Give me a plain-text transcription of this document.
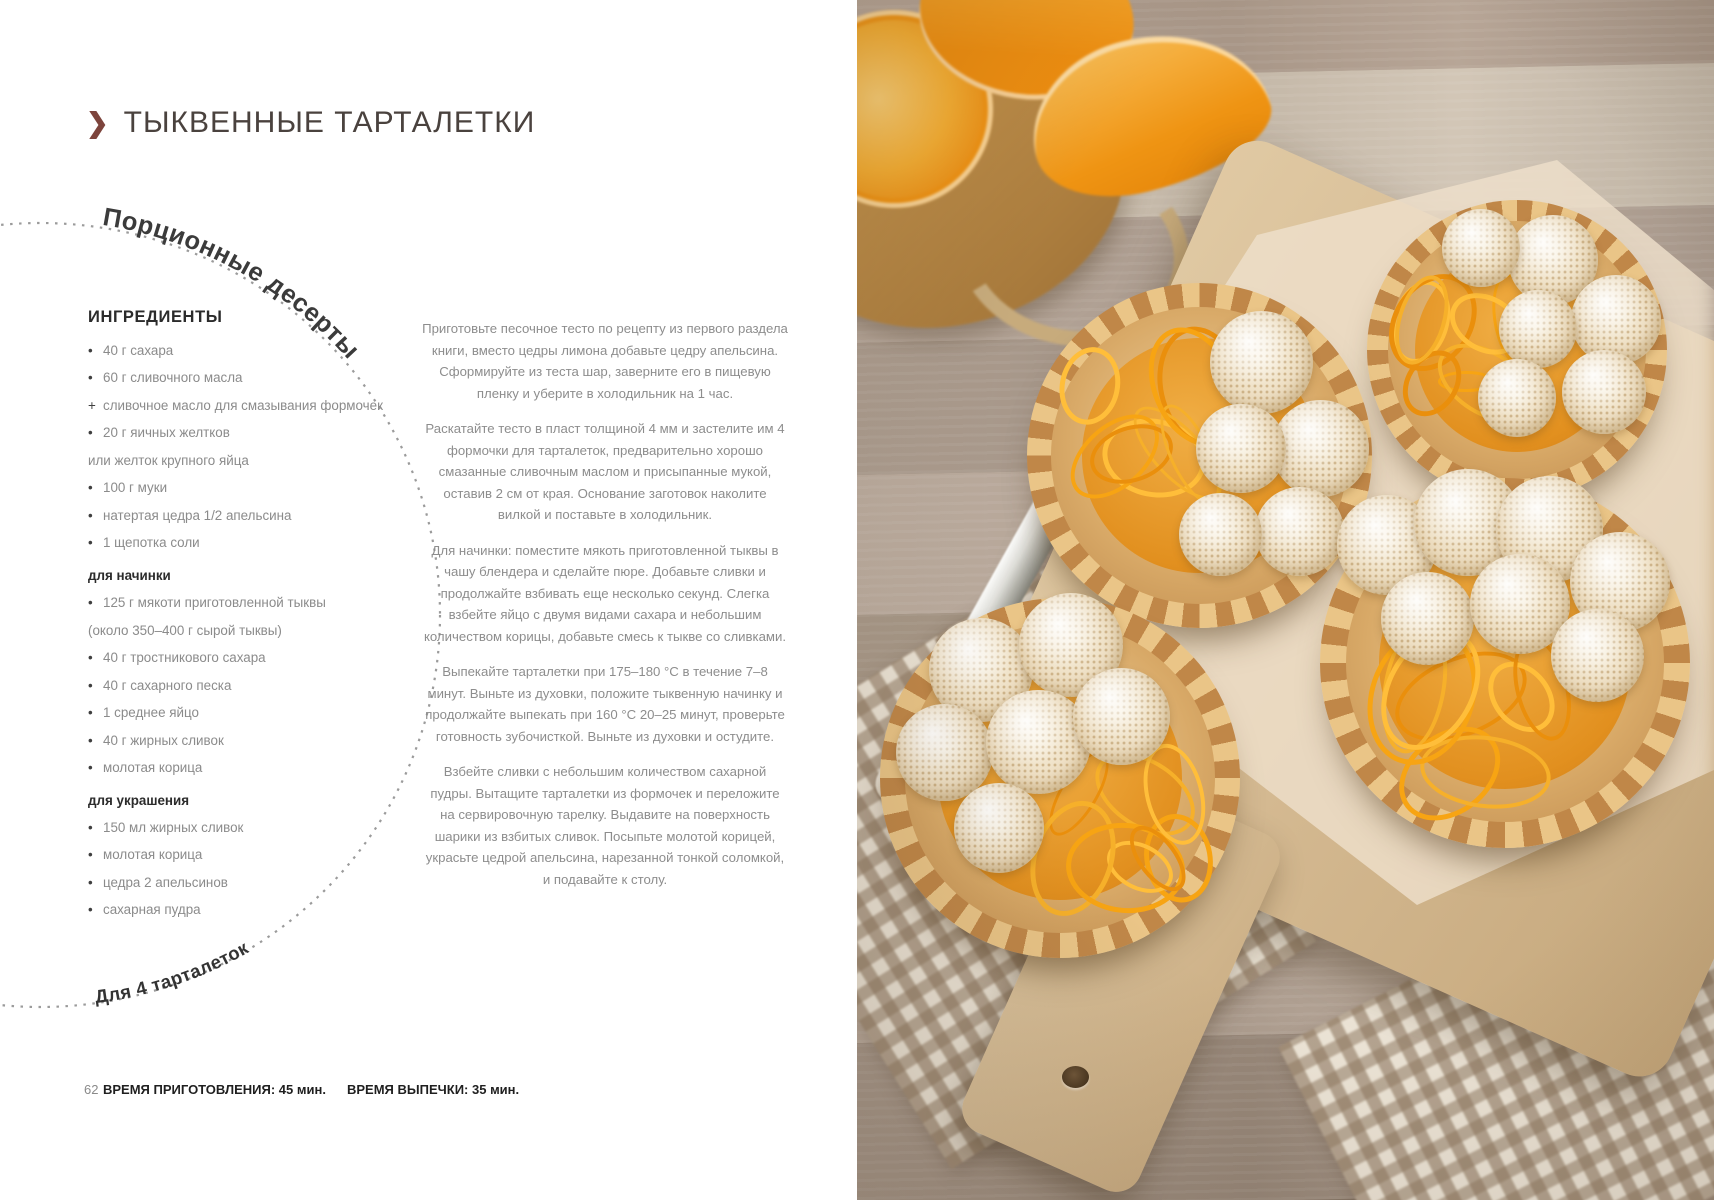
❯ ТЫКВЕННЫЕ ТАРТАЛЕТКИ
Порционные десерты
Для 4 тарталеток
ИНГРЕДИЕНТЫ
• 40 г сахара
• 60 г сливочного масла
+ сливочное масло для смазывания формочек
• 20 г яичных желтков
или желток крупного яйца
• 100 г муки
• натертая цедра 1/2 апельсина
• 1 щепотка соли
для начинки
• 125 г мякоти приготовленной тыквы
(около 350–400 г сырой тыквы)
• 40 г тростникового сахара
• 40 г сахарного песка
• 1 среднее яйцо
• 40 г жирных сливок
• молотая корица
для украшения
• 150 мл жирных сливок
• молотая корица
• цедра 2 апельсинов
• сахарная пудра

Приготовьте песочное тесто по рецепту из первого раздела книги, вместо цедры лимона добавьте цедру апельсина. Сформируйте из теста шар, заверните его в пищевую пленку и уберите в холодильник на 1 час.

Раскатайте тесто в пласт толщиной 4 мм и застелите им 4 формочки для тарталеток, предварительно хорошо смазанные сливочным маслом и присыпанные мукой, оставив 2 см от края. Основание заготовок наколите вилкой и поставьте в холодильник.

Для начинки: поместите мякоть приготовленной тыквы в чашу блендера и сделайте пюре. Добавьте сливки и продолжайте взбивать еще несколько секунд. Слегка взбейте яйцо с двумя видами сахара и небольшим количеством корицы, добавьте смесь к тыкве со сливками.

Выпекайте тарталетки при 175–180 °С в течение 7–8 минут. Выньте из духовки, положите тыквенную начинку и продолжайте выпекать при 160 °С 20–25 минут, проверьте готовность зубочисткой. Выньте из духовки и остудите.

Взбейте сливки с небольшим количеством сахарной пудры. Вытащите тарталетки из формочек и переложите на сервировочную тарелку. Выдавите на поверхность шарики из взбитых сливок. Посыпьте молотой корицей, украсьте цедрой апельсина, нарезанной тонкой соломкой, и подавайте к столу.

62 ВРЕМЯ ПРИГОТОВЛЕНИЯ: 45 мин. ВРЕМЯ ВЫПЕЧКИ: 35 мин.
